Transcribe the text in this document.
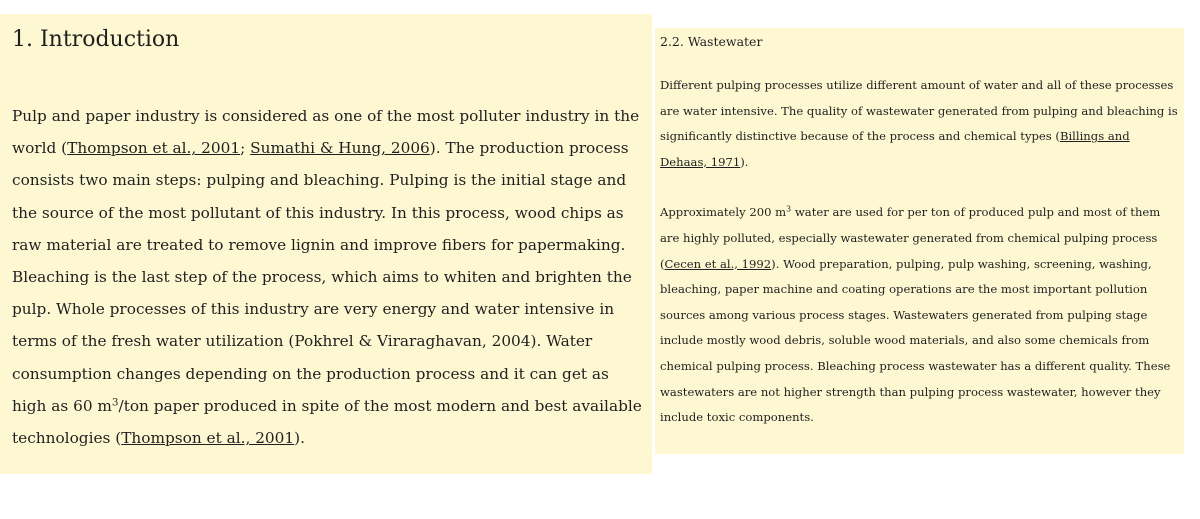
1. Introduction

Pulp and paper industry is considered as one of the most polluter industry in the world (Thompson et al., 2001; Sumathi & Hung, 2006). The production process consists two main steps: pulping and bleaching. Pulping is the initial stage and the source of the most pollutant of this industry. In this process, wood chips as raw material are treated to remove lignin and improve fibers for papermaking. Bleaching is the last step of the process, which aims to whiten and brighten the pulp. Whole processes of this industry are very energy and water intensive in terms of the fresh water utilization (Pokhrel & Viraraghavan, 2004). Water consumption changes depending on the production process and it can get as high as 60 $m^3$/ton paper produced in spite of the most modern and best available technologies (Thompson et al., 2001).

2.2. Wastewater

Different pulping processes utilize different amount of water and all of these processes are water intensive. The quality of wastewater generated from pulping and bleaching is significantly distinctive because of the process and chemical types (Billings and Dehaas, 1971).

Approximately 200 $m^3$ water are used for per ton of produced pulp and most of them are highly polluted, especially wastewater generated from chemical pulping process (Cecen et al., 1992). Wood preparation, pulping, pulp washing, screening, washing, bleaching, paper machine and coating operations are the most important pollution sources among various process stages. Wastewaters generated from pulping stage include mostly wood debris, soluble wood materials, and also some chemicals from chemical pulping process. Bleaching process wastewater has a different quality. These wastewaters are not higher strength than pulping process wastewater, however they include toxic components.
